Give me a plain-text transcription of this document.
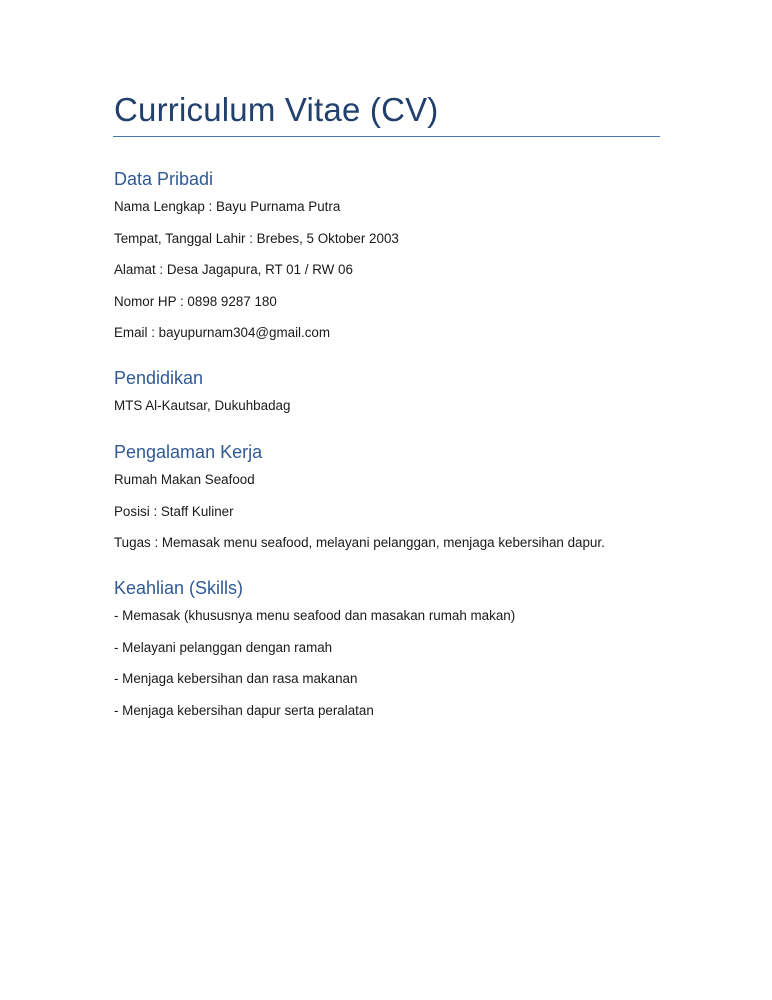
Curriculum Vitae (CV)
Data Pribadi
Nama Lengkap : Bayu Purnama Putra
Tempat, Tanggal Lahir : Brebes, 5 Oktober 2003
Alamat : Desa Jagapura, RT 01 / RW 06
Nomor HP : 0898 9287 180
Email : bayupurnam304@gmail.com
Pendidikan
MTS Al-Kautsar, Dukuhbadag
Pengalaman Kerja
Rumah Makan Seafood
Posisi : Staff Kuliner
Tugas : Memasak menu seafood, melayani pelanggan, menjaga kebersihan dapur.
Keahlian (Skills)
- Memasak (khususnya menu seafood dan masakan rumah makan)
- Melayani pelanggan dengan ramah
- Menjaga kebersihan dan rasa makanan
- Menjaga kebersihan dapur serta peralatan
